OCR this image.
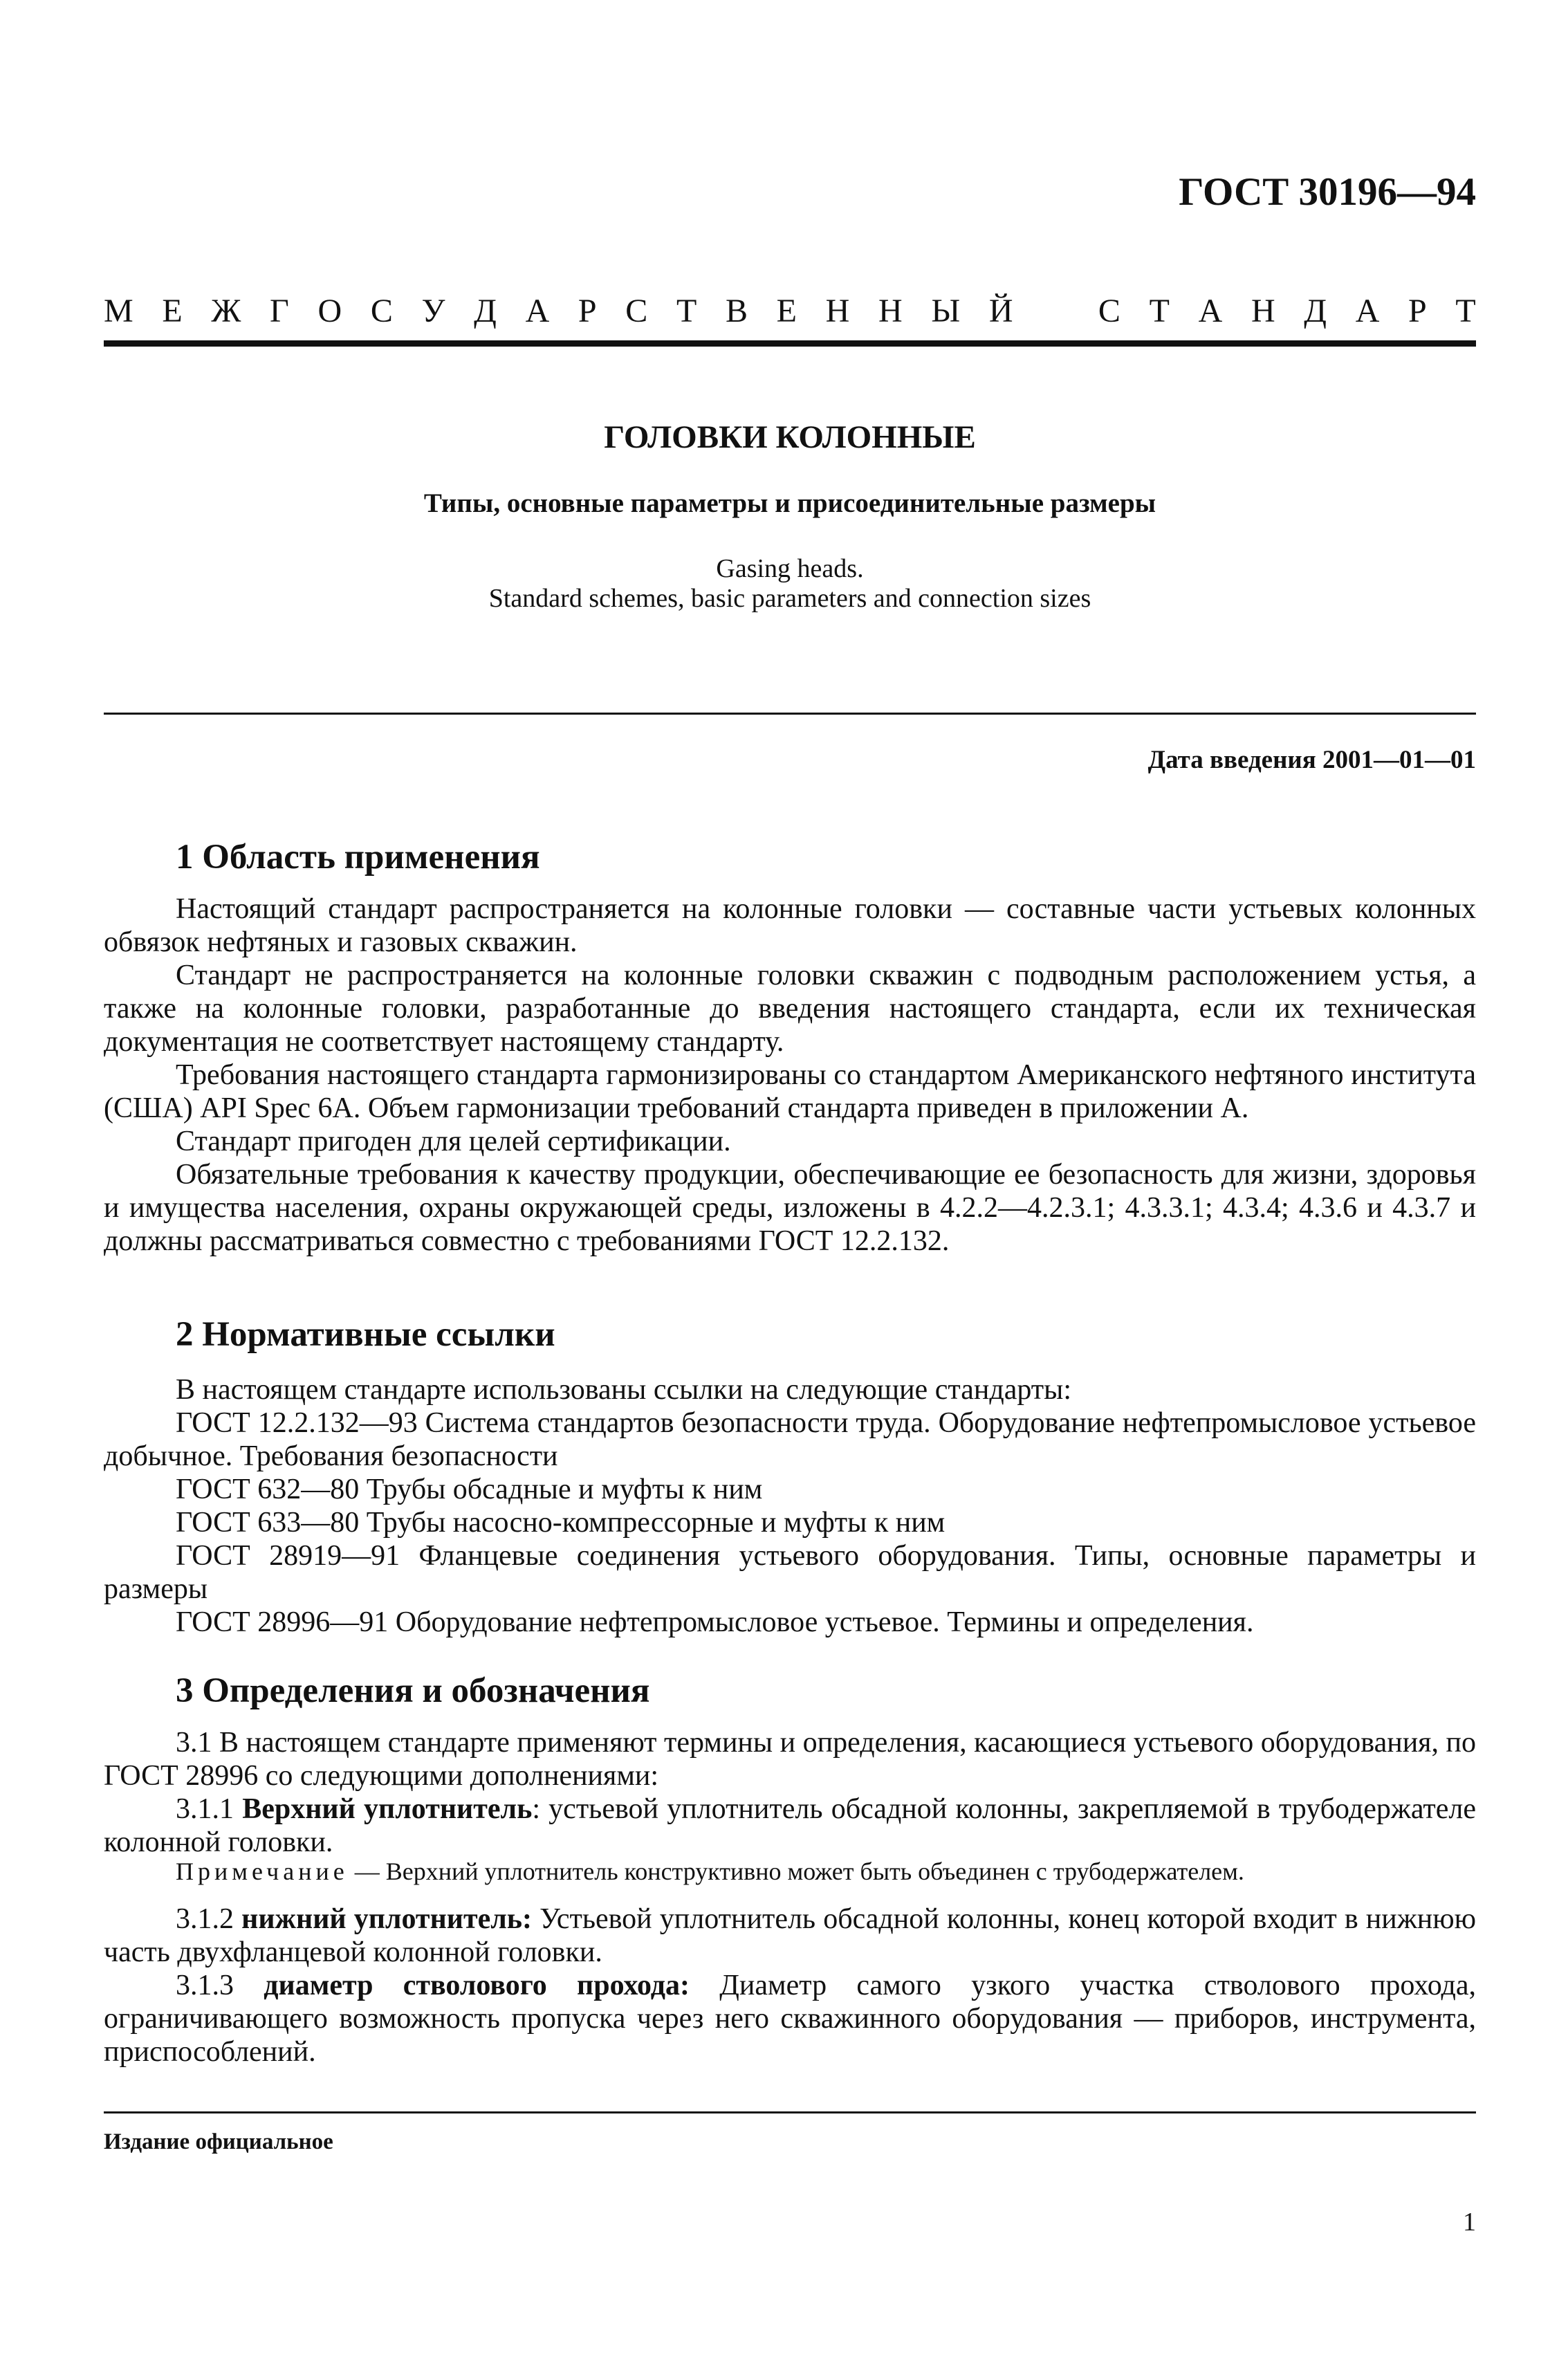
ГОСТ 30196—94
М Е Ж Г О С У Д А Р С Т В Е Н Н Ы Й	С Т А Н Д А Р Т
ГОЛОВКИ КОЛОННЫЕ
Типы, основные параметры и присоединительные размеры
Gasing heads.
Standard schemes, basic parameters and connection sizes
Дата введения 2001—01—01
1 Область применения

Настоящий стандарт распространяется на колонные головки — составные части устьевых колонных обвязок нефтяных и газовых скважин.

Стандарт не распространяется на колонные головки скважин с подводным расположением устья, а также на колонные головки, разработанные до введения настоящего стандарта, если их техническая документация не соответствует настоящему стандарту.

Требования настоящего стандарта гармонизированы со стандартом Американского нефтяного института (США) API Spec 6A. Объем гармонизации требований стандарта приведен в приложении А.

Стандарт пригоден для целей сертификации.

Обязательные требования к качеству продукции, обеспечивающие ее безопасность для жизни, здоровья и имущества населения, охраны окружающей среды, изложены в 4.2.2—4.2.3.1; 4.3.3.1; 4.3.4; 4.3.6 и 4.3.7 и должны рассматриваться совместно с требованиями ГОСТ 12.2.132.

2 Нормативные ссылки

В настоящем стандарте использованы ссылки на следующие стандарты:

ГОСТ 12.2.132—93 Система стандартов безопасности труда. Оборудование нефтепромысловое устьевое добычное. Требования безопасности

ГОСТ 632—80 Трубы обсадные и муфты к ним

ГОСТ 633—80 Трубы насосно-компрессорные и муфты к ним

ГОСТ 28919—91 Фланцевые соединения устьевого оборудования. Типы, основные параметры и размеры

ГОСТ 28996—91 Оборудование нефтепромысловое устьевое. Термины и определения.

3 Определения и обозначения

3.1 В настоящем стандарте применяют термины и определения, касающиеся устьевого оборудования, по ГОСТ 28996 со следующими дополнениями:

3.1.1 Верхний уплотнитель: устьевой уплотнитель обсадной колонны, закрепляемой в трубодержателе колонной головки.

Примечание — Верхний уплотнитель конструктивно может быть объединен с трубодержателем.

3.1.2 нижний уплотнитель: Устьевой уплотнитель обсадной колонны, конец которой входит в нижнюю часть двухфланцевой колонной головки.

3.1.3 диаметр стволового прохода: Диаметр самого узкого участка стволового прохода, ограничивающего возможность пропуска через него скважинного оборудования — приборов, инструмента, приспособлений.

Издание официальное
1
